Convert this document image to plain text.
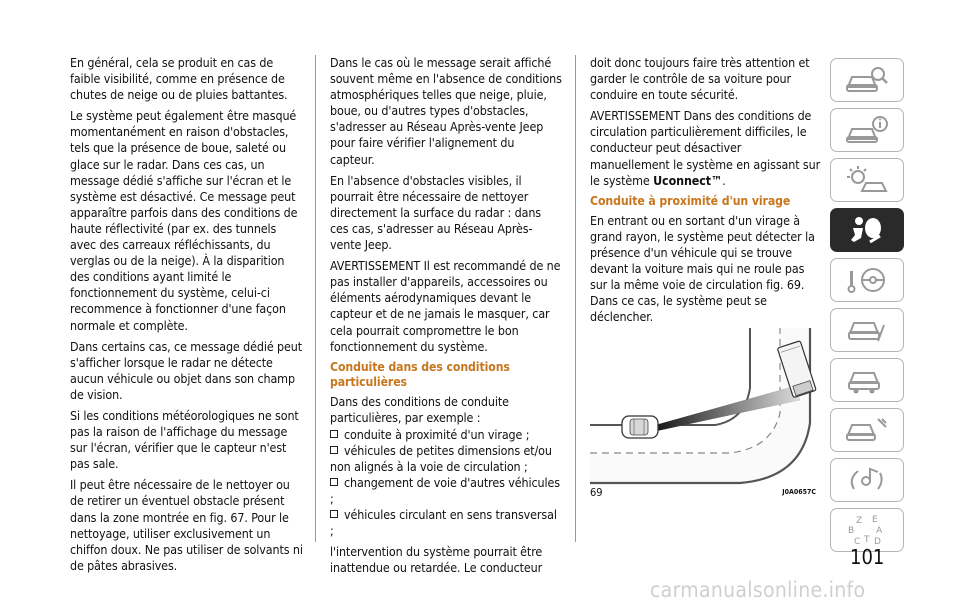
En général, cela se produit en cas de faible visibilité, comme en présence de chutes de neige ou de pluies battantes.

Le système peut également être masqué momentanément en raison d'obstacles, tels que la présence de boue, saleté ou glace sur le radar. Dans ces cas, un message dédié s'affiche sur l'écran et le système est désactivé. Ce message peut apparaître parfois dans des conditions de haute réflectivité (par ex. des tunnels avec des carreaux réfléchissants, du verglas ou de la neige). À la disparition des conditions ayant limité le fonctionnement du système, celui-ci recommence à fonctionner d'une façon normale et complète.

Dans certains cas, ce message dédié peut s'afficher lorsque le radar ne détecte aucun véhicule ou objet dans son champ de vision.

Si les conditions météorologiques ne sont pas la raison de l'affichage du message sur l'écran, vérifier que le capteur n'est pas sale.

Il peut être nécessaire de le nettoyer ou de retirer un éventuel obstacle présent dans la zone montrée en fig. 67. Pour le nettoyage, utiliser exclusivement un chiffon doux. Ne pas utiliser de solvants ni de pâtes abrasives.

Dans le cas où le message serait affiché souvent même en l'absence de conditions atmosphériques telles que neige, pluie, boue, ou d'autres types d'obstacles, s'adresser au Réseau Après-vente Jeep pour faire vérifier l'alignement du capteur.

En l'absence d'obstacles visibles, il pourrait être nécessaire de nettoyer directement la surface du radar : dans ces cas, s'adresser au Réseau Après-vente Jeep.

AVERTISSEMENT Il est recommandé de ne pas installer d'appareils, accessoires ou éléments aérodynamiques devant le capteur et de ne jamais le masquer, car cela pourrait compromettre le bon fonctionnement du système.

Conduite dans des conditions particulières

Dans des conditions de conduite particulières, par exemple :

conduite à proximité d'un virage ;
véhicules de petites dimensions et/ou non alignés à la voie de circulation ;
changement de voie d'autres véhicules ;
véhicules circulant en sens transversal ;

l'intervention du système pourrait être inattendue ou retardée. Le conducteur

doit donc toujours faire très attention et garder le contrôle de sa voiture pour conduire en toute sécurité.

AVERTISSEMENT Dans des conditions de circulation particulièrement difficiles, le conducteur peut désactiver manuellement le système en agissant sur le système Uconnect™.

Conduite à proximité d'un virage

En entrant ou en sortant d'un virage à grand rayon, le système peut détecter la présence d'un véhicule qui se trouve devant la voiture mais qui ne roule pas sur la même voie de circulation fig. 69. Dans ce cas, le système peut se déclencher.

69	J0A0657C
Z E
B A
C T D
101
carmanualsonline.info
